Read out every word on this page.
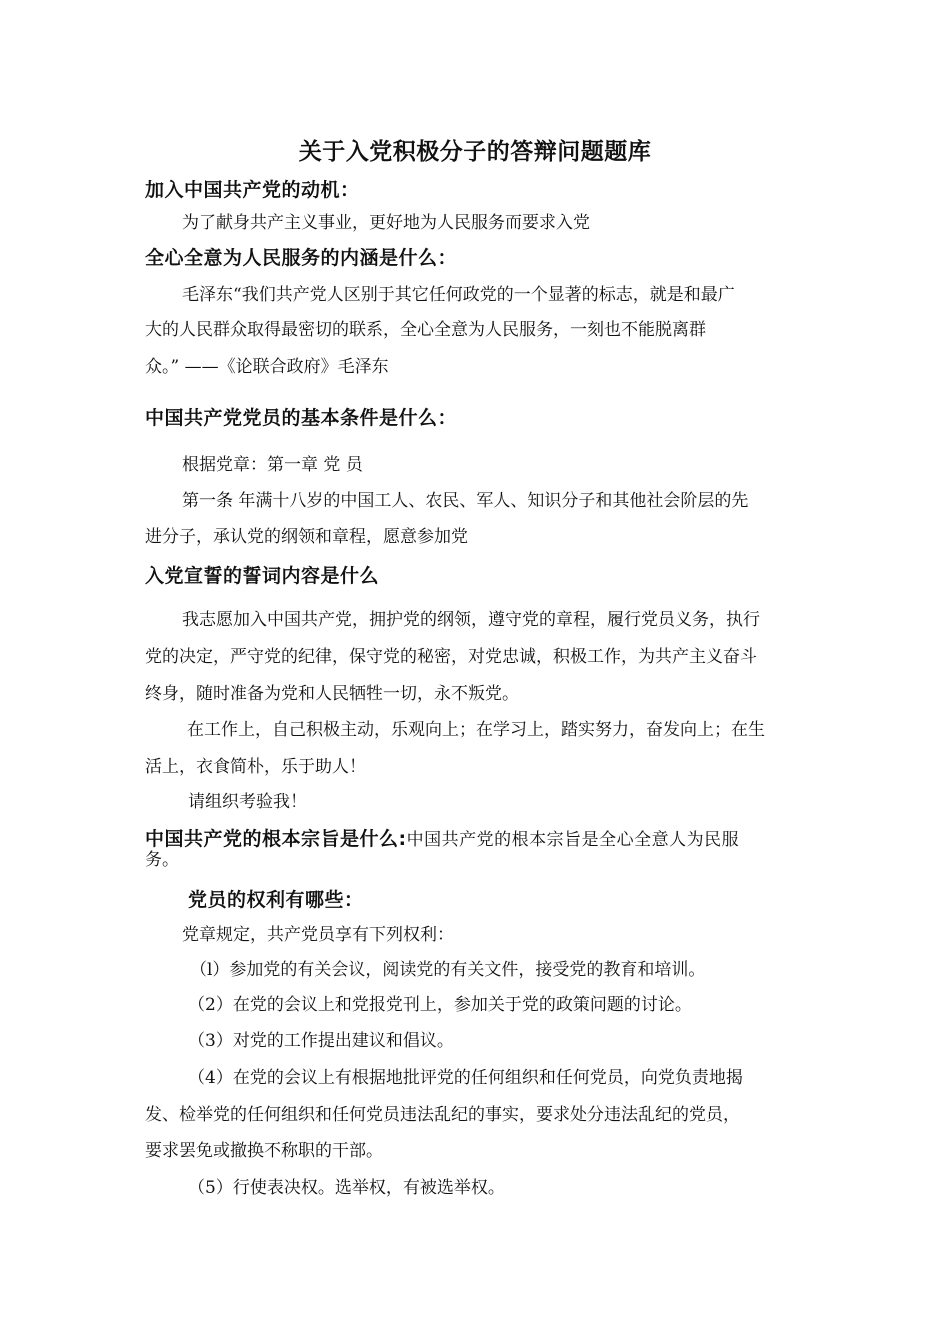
关于入党积极分子的答辩问题题库
加入中国共产党的动机：
为了献身共产主义事业，更好地为人民服务而要求入党
全心全意为人民服务的内涵是什么：
毛泽东“我们共产党人区别于其它任何政党的一个显著的标志，就是和最广
大的人民群众取得最密切的联系，全心全意为人民服务，一刻也不能脱离群
众。” ——《论联合政府》毛泽东
中国共产党党员的基本条件是什么：
根据党章：第一章 党 员
第一条 年满十八岁的中国工人、农民、军人、知识分子和其他社会阶层的先
进分子，承认党的纲领和章程，愿意参加党
入党宣誓的誓词内容是什么
我志愿加入中国共产党，拥护党的纲领，遵守党的章程，履行党员义务，执行
党的决定，严守党的纪律，保守党的秘密，对党忠诚，积极工作，为共产主义奋斗
终身，随时准备为党和人民牺牲一切，永不叛党。
在工作上，自己积极主动，乐观向上；在学习上，踏实努力，奋发向上；在生
活上，衣食简朴，乐于助人！
请组织考验我！
中国共产党的根本宗旨是什么:中国共产党的根本宗旨是全心全意人为民服
务。
党员的权利有哪些：
党章规定，共产党员享有下列权利：
（l）参加党的有关会议，阅读党的有关文件，接受党的教育和培训。
（2）在党的会议上和党报党刊上，参加关于党的政策问题的讨论。
（3）对党的工作提出建议和倡议。
（4）在党的会议上有根据地批评党的任何组织和任何党员，向党负责地揭
发、检举党的任何组织和任何党员违法乱纪的事实，要求处分违法乱纪的党员，
要求罢免或撤换不称职的干部。
（5）行使表决权。选举权，有被选举权。
